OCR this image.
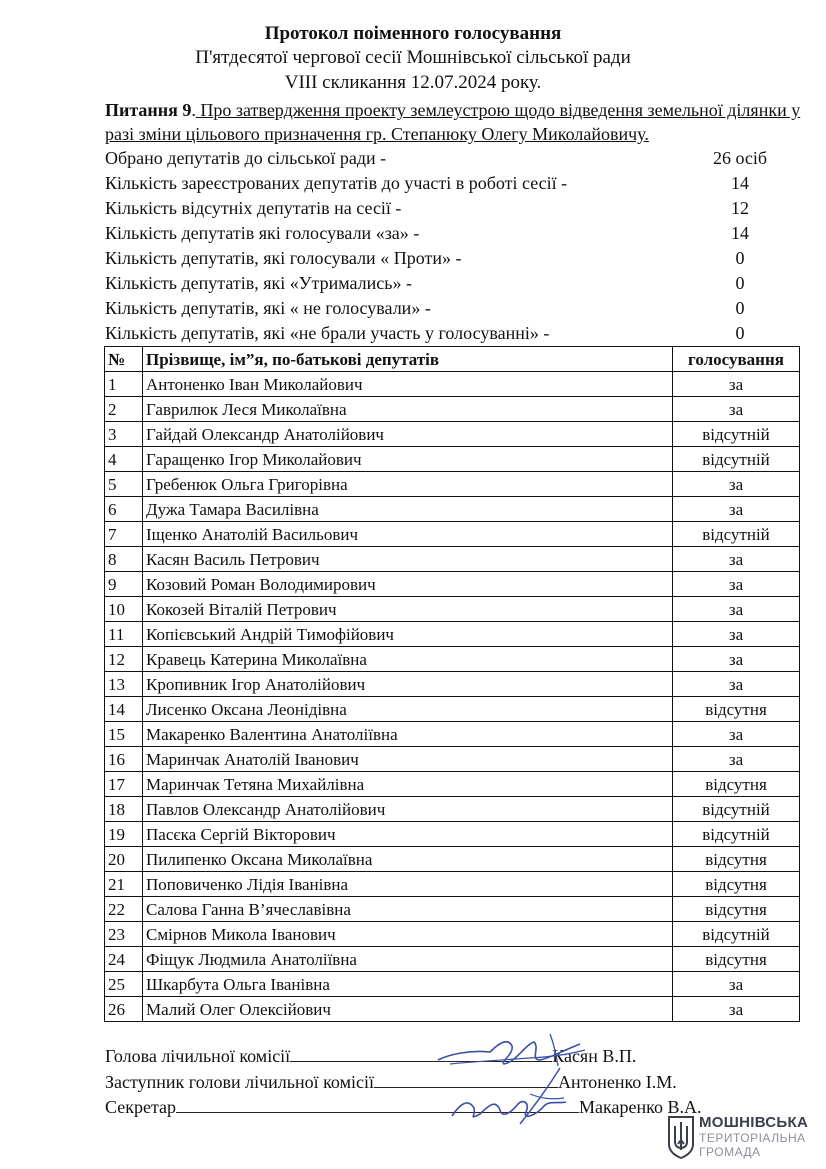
Протокол поіменного голосування
П'ятдесятої чергової сесії Мошнівської сільської ради
VIII скликання 12.07.2024 року.
Питання 9. Про затвердження проекту землеустрою щодо відведення земельної ділянки у разі зміни цільового призначення гр. Степанюку Олегу Миколайовичу.
Обрано депутатів до сільської ради -	26 осіб
Кількість зареєстрованих депутатів до участі в роботі сесії -	14
Кількість відсутніх депутатів на сесії -	12
Кількість депутатів які голосували «за» -	14
Кількість депутатів, які голосували « Проти» -	0
Кількість депутатів, які «Утримались» -	0
Кількість депутатів, які « не голосували» -	0
Кількість депутатів, які «не брали участь у голосуванні» -	0
№	Прізвище, ім”я, по-батькові депутатів	голосування
1	Антоненко Іван Миколайович	за
2	Гаврилюк Леся Миколаївна	за
3	Гайдай Олександр Анатолійович	відсутній
4	Гаращенко Ігор Миколайович	відсутній
5	Гребенюк Ольга Григорівна	за
6	Дужа Тамара Василівна	за
7	Іщенко Анатолій Васильович	відсутній
8	Касян Василь Петрович	за
9	Козовий Роман Володимирович	за
10	Кокозей Віталій Петрович	за
11	Копієвський Андрій Тимофійович	за
12	Кравець Катерина Миколаївна	за
13	Кропивник Ігор Анатолійович	за
14	Лисенко Оксана Леонідівна	відсутня
15	Макаренко Валентина Анатоліївна	за
16	Маринчак Анатолій Іванович	за
17	Маринчак Тетяна Михайлівна	відсутня
18	Павлов Олександр Анатолійович	відсутній
19	Пасєка Сергій Вікторович	відсутній
20	Пилипенко Оксана Миколаївна	відсутня
21	Поповиченко Лідія Іванівна	відсутня
22	Салова Ганна В’ячеславівна	відсутня
23	Смірнов Микола Іванович	відсутній
24	Фіщук Людмила Анатоліївна	відсутня
25	Шкарбута Ольга Іванівна	за
26	Малий Олег Олексійович	за
Голова лічильної комісії	Касян В.П.
Заступник голови лічильної комісії	Антоненко І.М.
Секретар	Макаренко В.А.
МОШНІВСЬКА
ТЕРИТОРІАЛЬНА
ГРОМАДА
